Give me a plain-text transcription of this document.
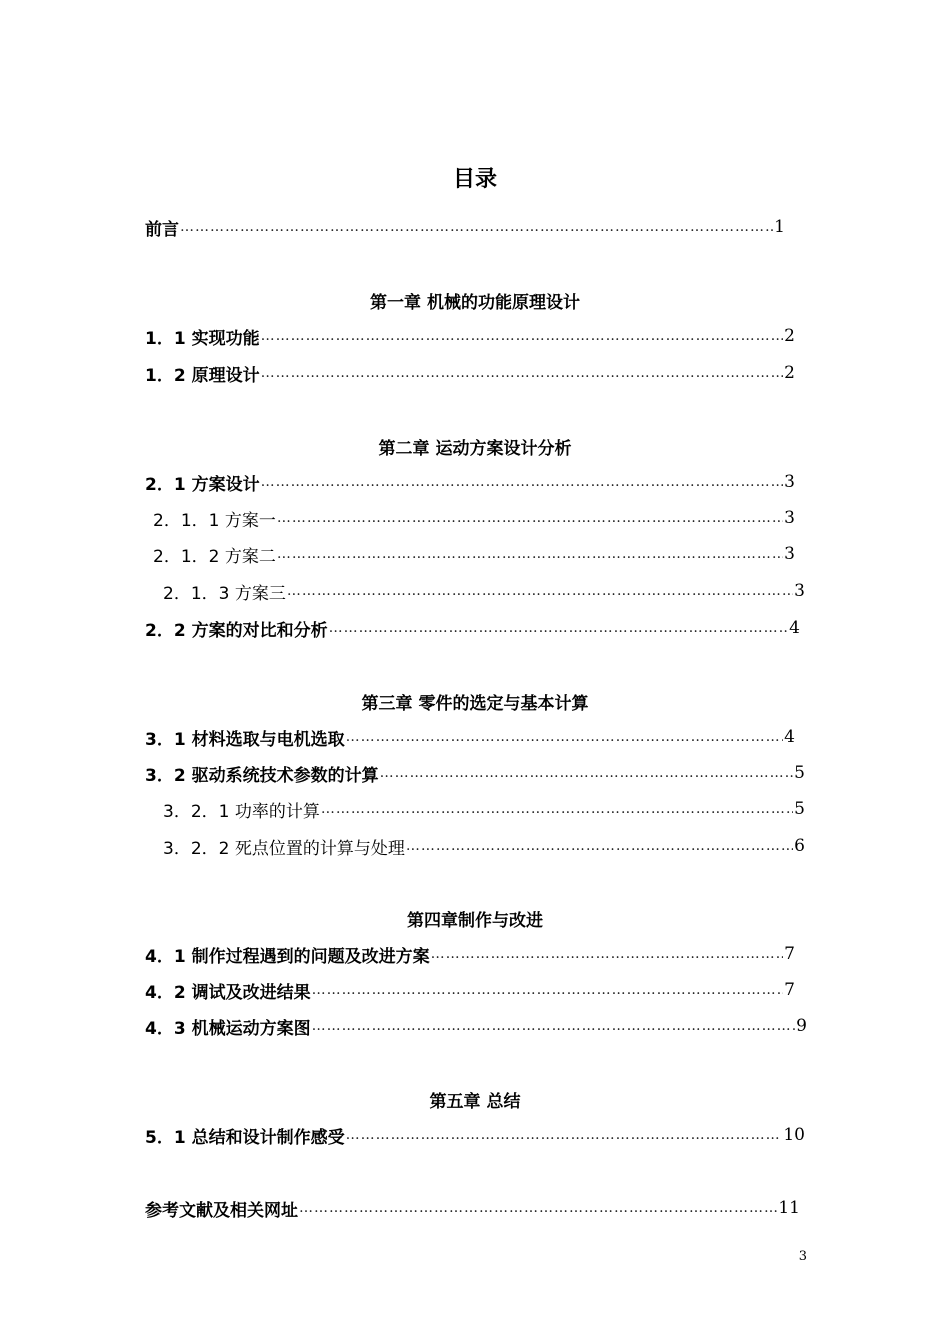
目录
前言 ……………………………………………………………………………………………………………………………………………………………………………………………	1
第一章 机械的功能原理设计
1．1 实现功能 ……………………………………………………………………………………………………………………………………………………………………………………………	2
1．2 原理设计 ……………………………………………………………………………………………………………………………………………………………………………………………	2
第二章 运动方案设计分析
2．1 方案设计 ……………………………………………………………………………………………………………………………………………………………………………………………	3
2．1．1 方案一 ……………………………………………………………………………………………………………………………………………………………………………………………	3
2．1．2 方案二 ……………………………………………………………………………………………………………………………………………………………………………………………	3
2．1．3 方案三 ……………………………………………………………………………………………………………………………………………………………………………………………	3
2．2 方案的对比和分析 ……………………………………………………………………………………………………………………………………………………………………………………………	4
第三章 零件的选定与基本计算
3．1 材料选取与电机选取 ……………………………………………………………………………………………………………………………………………………………………………………………	4
3．2 驱动系统技术参数的计算 ……………………………………………………………………………………………………………………………………………………………………………………………	5
3．2．1 功率的计算 ……………………………………………………………………………………………………………………………………………………………………………………………	5
3．2．2 死点位置的计算与处理 ……………………………………………………………………………………………………………………………………………………………………………………………	6
第四章制作与改进
4．1 制作过程遇到的问题及改进方案 ……………………………………………………………………………………………………………………………………………………………………………………………	7
4．2 调试及改进结果 ……………………………………………………………………………………………………………………………………………………………………………………………	7
4．3 机械运动方案图 ……………………………………………………………………………………………………………………………………………………………………………………………	9
第五章 总结
5．1 总结和设计制作感受 ……………………………………………………………………………………………………………………………………………………………………………………………	10
参考文献及相关网址 ……………………………………………………………………………………………………………………………………………………………………………………………	11
3
